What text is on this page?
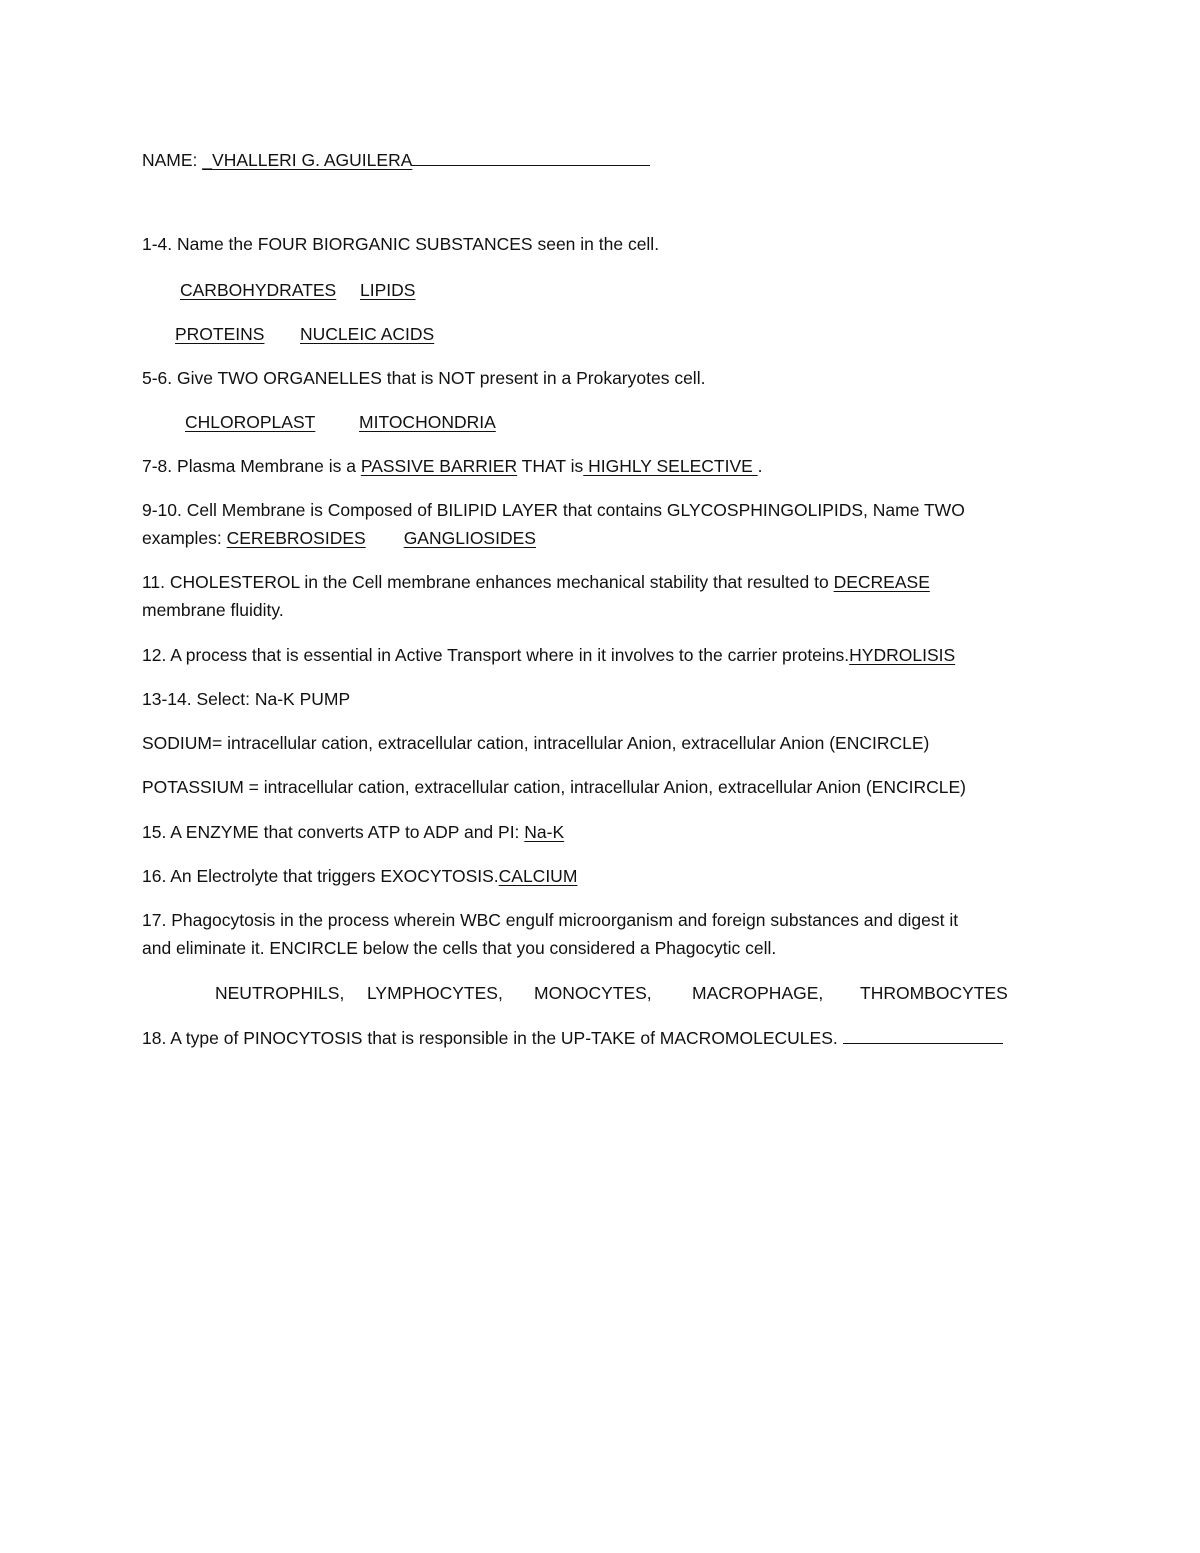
NAME: _VHALLERI G. AGUILERA
1-4. Name the FOUR BIORGANIC SUBSTANCES seen in the cell.
CARBOHYDRATES LIPIDS
PROTEINS NUCLEIC ACIDS
5-6. Give TWO ORGANELLES that is NOT present in a Prokaryotes cell.
CHLOROPLAST MITOCHONDRIA
7-8. Plasma Membrane is a PASSIVE BARRIER THAT is HIGHLY SELECTIVE .
9-10. Cell Membrane is Composed of BILIPID LAYER that contains GLYCOSPHINGOLIPIDS, Name TWO
examples: CEREBROSIDES GANGLIOSIDES
11. CHOLESTEROL in the Cell membrane enhances mechanical stability that resulted to DECREASE
membrane fluidity.
12. A process that is essential in Active Transport where in it involves to the carrier proteins.HYDROLISIS
13-14. Select: Na-K PUMP
SODIUM= intracellular cation, extracellular cation, intracellular Anion, extracellular Anion (ENCIRCLE)
POTASSIUM = intracellular cation, extracellular cation, intracellular Anion, extracellular Anion (ENCIRCLE)
15. A ENZYME that converts ATP to ADP and PI: Na-K
16. An Electrolyte that triggers EXOCYTOSIS.CALCIUM
17. Phagocytosis in the process wherein WBC engulf microorganism and foreign substances and digest it
and eliminate it. ENCIRCLE below the cells that you considered a Phagocytic cell.
NEUTROPHILS, LYMPHOCYTES, MONOCYTES, MACROPHAGE, THROMBOCYTES
18. A type of PINOCYTOSIS that is responsible in the UP-TAKE of MACROMOLECULES.
